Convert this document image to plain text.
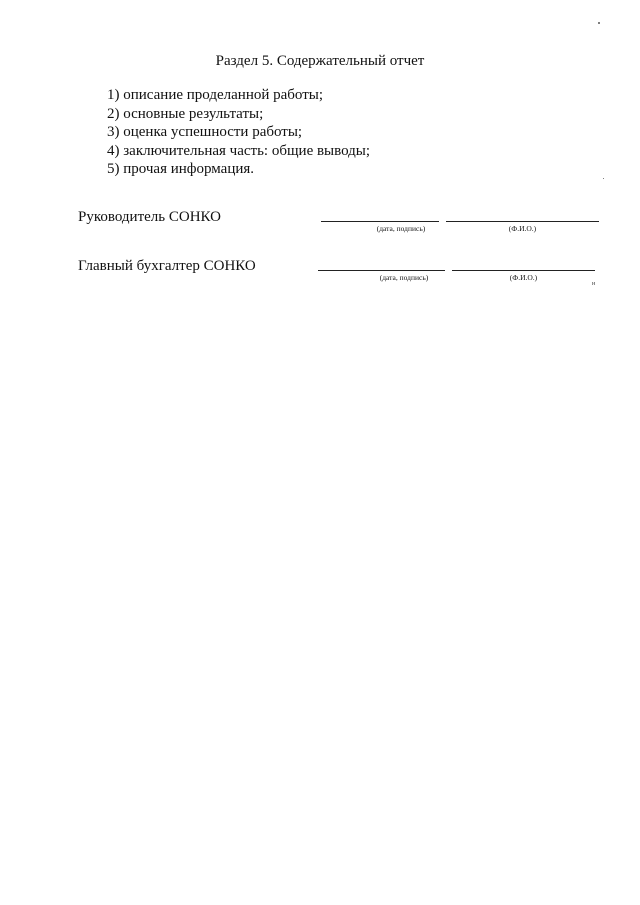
Раздел 5. Содержательный отчет
1) описание проделанной работы;
2) основные результаты;
3) оценка успешности работы;
4) заключительная часть: общие выводы;
5) прочая информация.
Руководитель СОНКО
(дата, подпись)	(Ф.И.О.)
Главный бухгалтер СОНКО
(дата, подпись)	(Ф.И.О.)
н
